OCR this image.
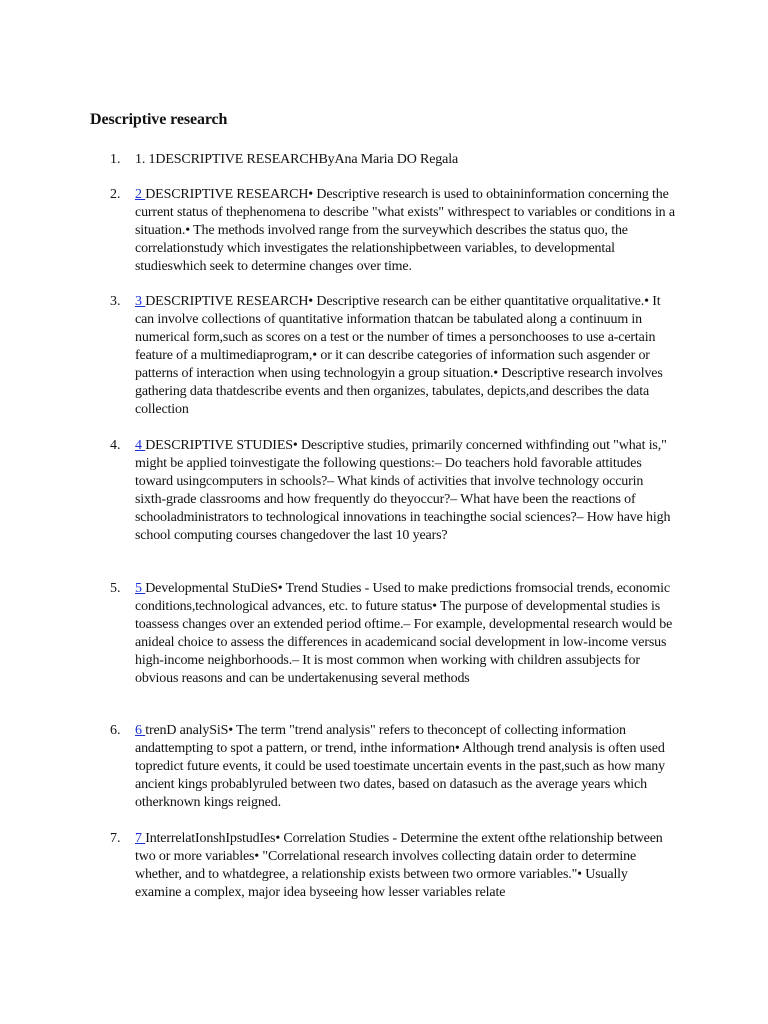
Descriptive research
1.	1. 1DESCRIPTIVE RESEARCHByAna Maria DO Regala
2.	2 DESCRIPTIVE RESEARCH• Descriptive research is used to obtaininformation concerning the current status of thephenomena to describe "what exists" withrespect to variables or conditions in a situation.• The methods involved range from the surveywhich describes the status quo, the correlationstudy which investigates the relationshipbetween variables, to developmental studieswhich seek to determine changes over time.
3.	3 DESCRIPTIVE RESEARCH• Descriptive research can be either quantitative orqualitative.• It can involve collections of quantitative information thatcan be tabulated along a continuum in numerical form,such as scores on a test or the number of times a personchooses to use a-certain feature of a multimediaprogram,• or it can describe categories of information such asgender or patterns of interaction when using technologyin a group situation.• Descriptive research involves gathering data thatdescribe events and then organizes, tabulates, depicts,and describes the data collection
4.	4 DESCRIPTIVE STUDIES• Descriptive studies, primarily concerned withfinding out "what is," might be applied toinvestigate the following questions:– Do teachers hold favorable attitudes toward usingcomputers in schools?– What kinds of activities that involve technology occurin sixth-grade classrooms and how frequently do theyoccur?– What have been the reactions of schooladministrators to technological innovations in teachingthe social sciences?– How have high school computing courses changedover the last 10 years?
5.	5 Developmental StuDieS• Trend Studies - Used to make predictions fromsocial trends, economic conditions,technological advances, etc. to future status• The purpose of developmental studies is toassess changes over an extended period oftime.– For example, developmental research would be anideal choice to assess the differences in academicand social development in low-income versus high-income neighborhoods.– It is most common when working with children assubjects for obvious reasons and can be undertakenusing several methods
6.	6 trenD analySiS• The term "trend analysis" refers to theconcept of collecting information andattempting to spot a pattern, or trend, inthe information• Although trend analysis is often used topredict future events, it could be used toestimate uncertain events in the past,such as how many ancient kings probablyruled between two dates, based on datasuch as the average years which otherknown kings reigned.
7.	7 InterrelatIonshIpstudIes• Correlation Studies - Determine the extent ofthe relationship between two or more variables• "Correlational research involves collecting datain order to determine whether, and to whatdegree, a relationship exists between two ormore variables."• Usually examine a complex, major idea byseeing how lesser variables relate
